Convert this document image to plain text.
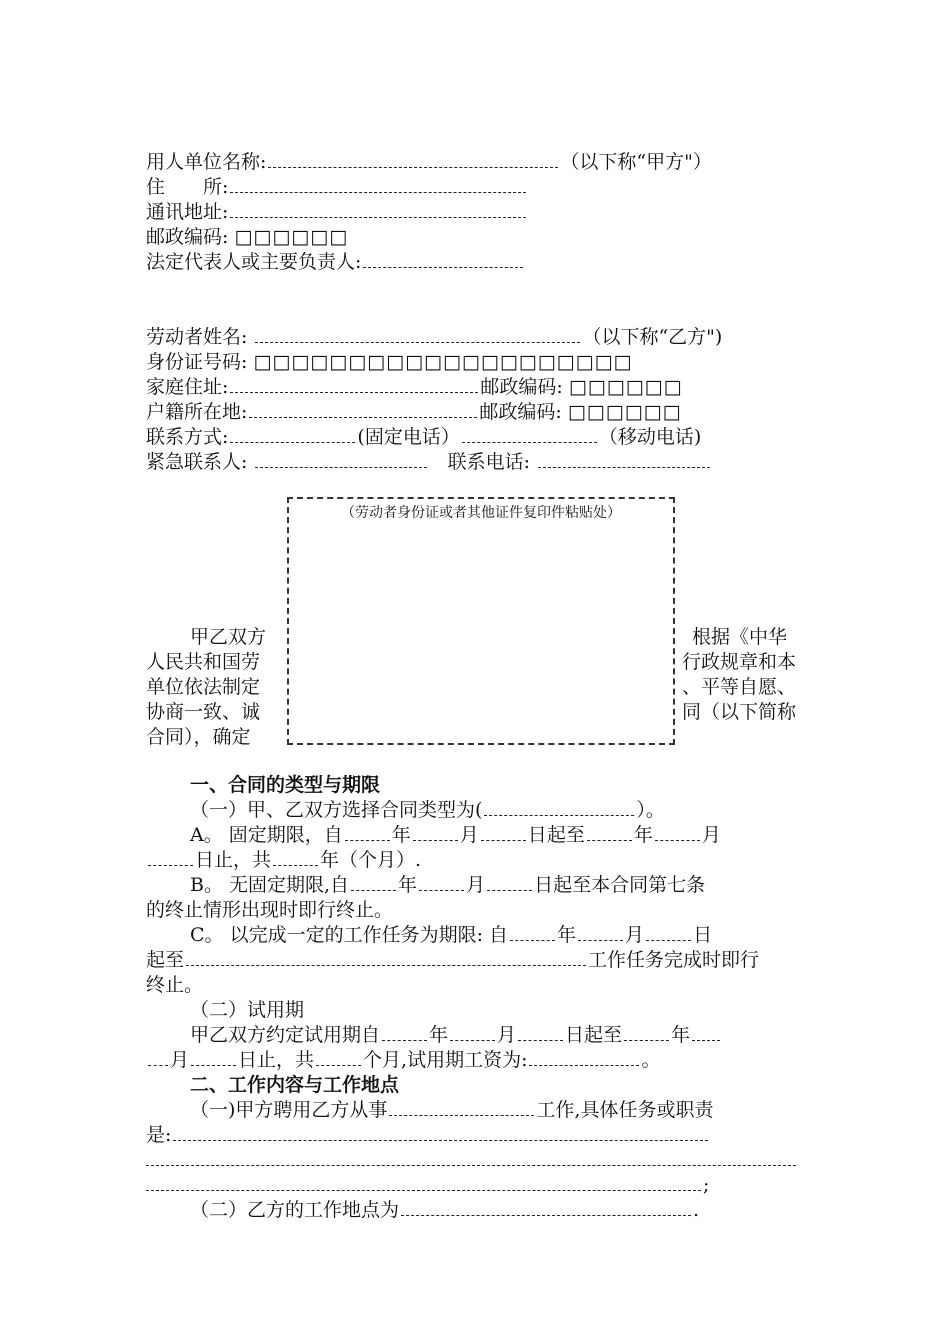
用人单位名称:	（以下称“甲方"）
住　　所:
通讯地址:
邮政编码: □□□□□□
法定代表人或主要负责人:
劳动者姓名:	（以下称“乙方")
身份证号码: □□□□□□□□□□□□□□□□□□□□
家庭住址:	邮政编码: □□□□□□
户籍所在地:	邮政编码: □□□□□□
联系方式:	(固定电话）	（移动电话)
紧急联系人:	联系电话:
甲乙双方	根据《中华
人民共和国劳	行政规章和本
单位依法制定	、平等自愿、
协商一致、诚	同（以下简称
合同），确定
（劳动者身份证或者其他证件复印件粘贴处）
一、合同的类型与期限
（一）甲、乙双方选择合同类型为(	）。
A。 固定期限，自	年	月	日起至	年	月
日止，共	年（个月）.
B。 无固定期限,自	年	月	日起至本合同第七条
的终止情形出现时即行终止。
C。 以完成一定的工作任务为期限: 自	年	月	日
起至	工作任务完成时即行
终止。
（二）试用期
甲乙双方约定试用期自	年	月	日起至	年
月	日止，共	个月,试用期工资为:	。
二、工作内容与工作地点
（一)甲方聘用乙方从事	工作,具体任务或职责
是:
;
（二）乙方的工作地点为	.
